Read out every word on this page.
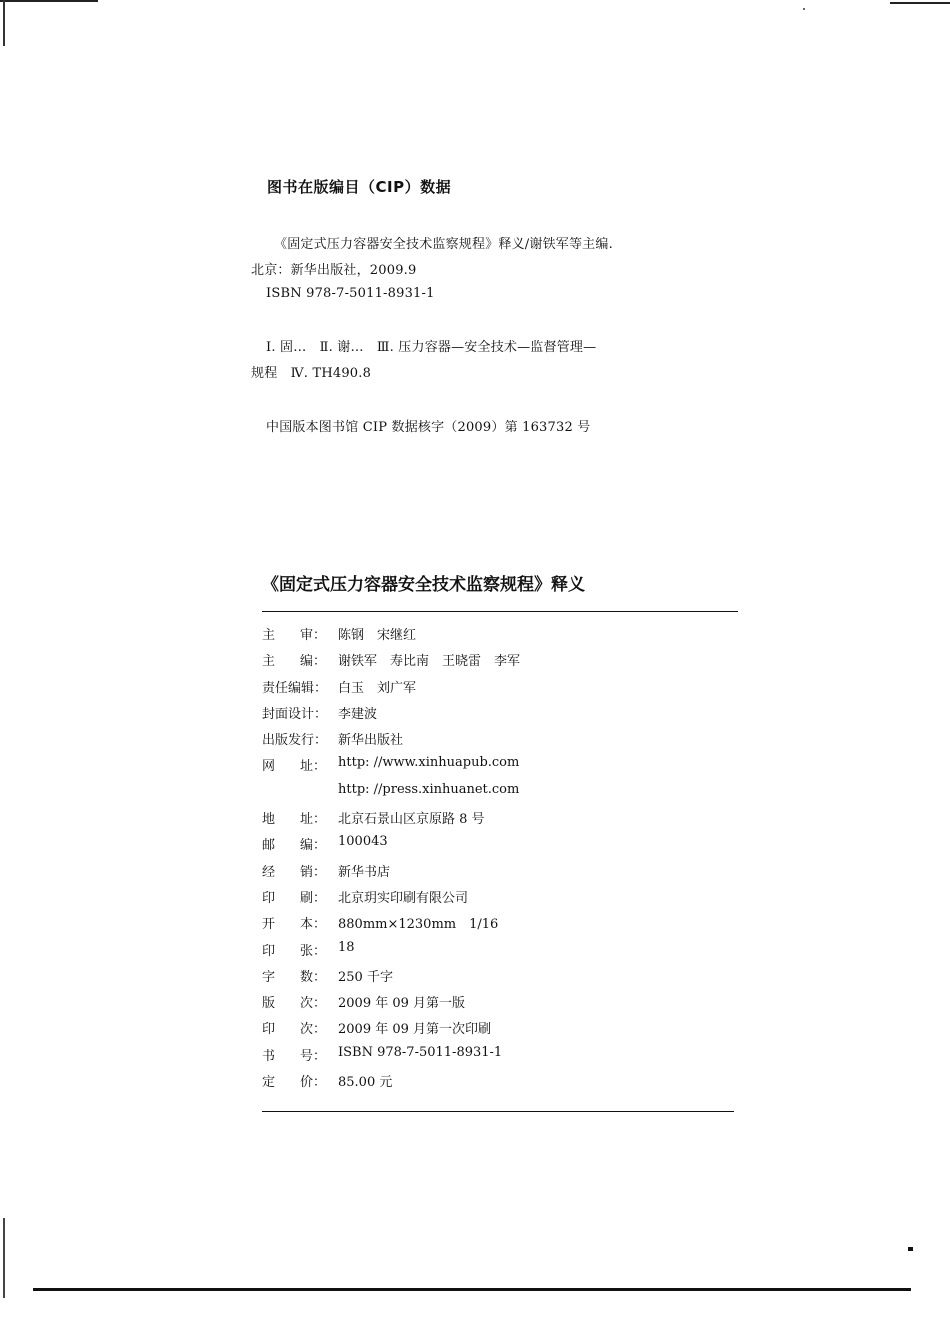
图书在版编目（CIP）数据
《固定式压力容器安全技术监察规程》释义/谢铁军等主编.
北京：新华出版社，2009.9
ISBN 978-7-5011-8931-1
Ⅰ. 固…　Ⅱ. 谢…　Ⅲ. 压力容器—安全技术—监督管理—
规程　Ⅳ. TH490.8
中国版本图书馆 CIP 数据核字（2009）第 163732 号
《固定式压力容器安全技术监察规程》释义
主 审： 陈钢　宋继红
主 编： 谢铁军　寿比南　王晓雷　李军
责任编辑： 白玉　刘广军
封面设计： 李建波
出版发行： 新华出版社
网 址： http: //www.xinhuapub.com
http: //press.xinhuanet.com
地 址： 北京石景山区京原路 8 号
邮 编： 100043
经 销： 新华书店
印 刷： 北京玥实印刷有限公司
开 本： 880mm×1230mm　1/16
印 张： 18
字 数： 250 千字
版 次： 2009 年 09 月第一版
印 次： 2009 年 09 月第一次印刷
书 号： ISBN 978-7-5011-8931-1
定 价： 85.00 元
